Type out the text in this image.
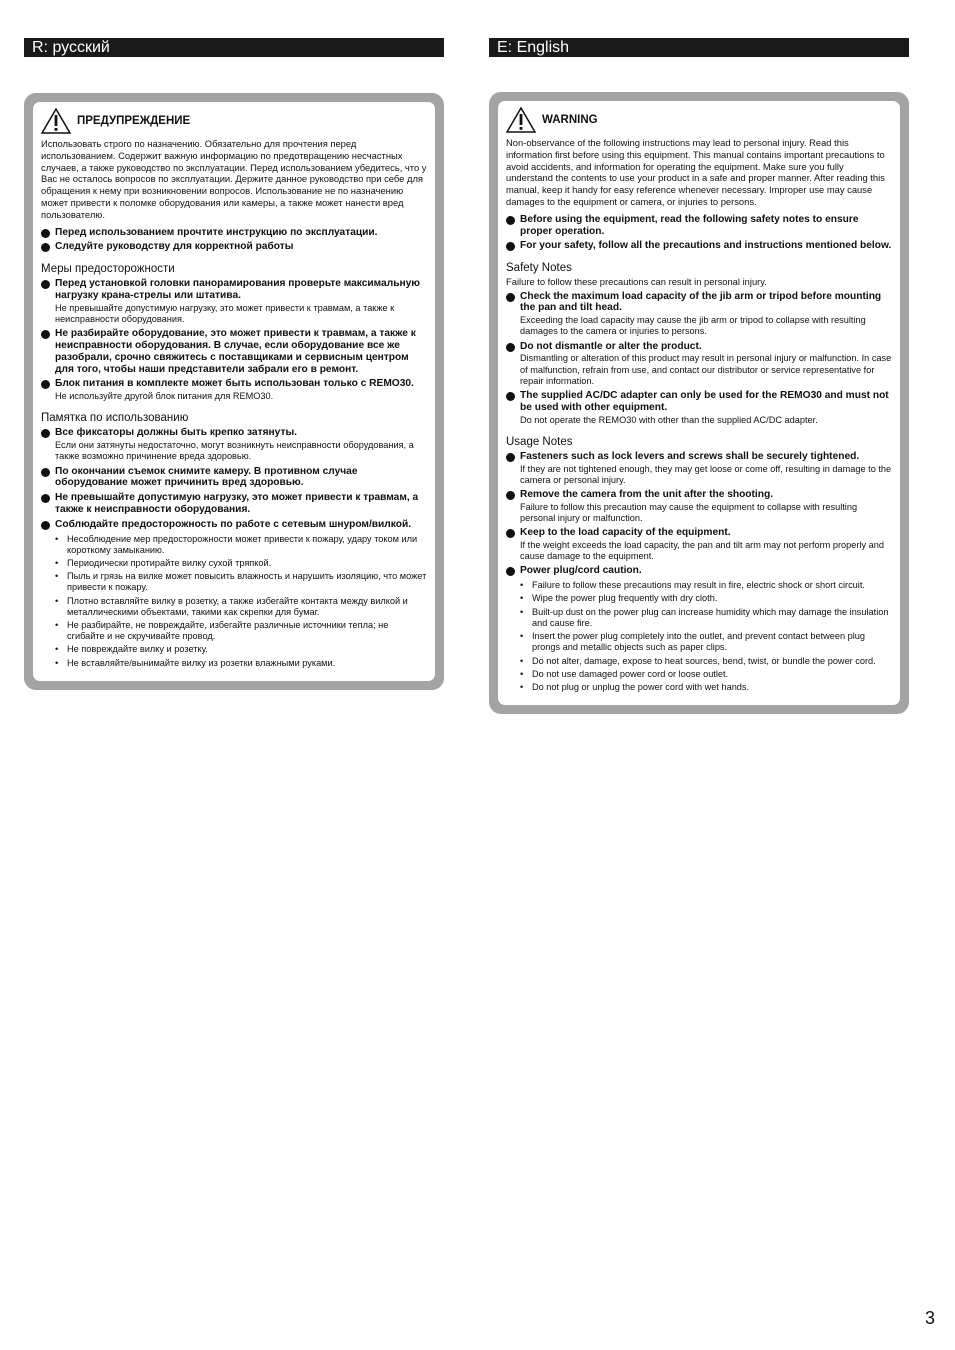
R: русский
ПРЕДУПРЕЖДЕНИЕ
Использовать строго по назначению. Обязательно для прочтения перед использованием. Содержит важную информацию по предотвращению несчастных случаев, а также руководство по эксплуатации. Перед использованием убедитесь, что у Вас не осталось вопросов по эксплуатации. Держите данное руководство при себе для обращения к нему при возникновении вопросов. Использование не по назначению может привести к поломке оборудования или камеры, а также может нанести вред пользователю.
Перед использованием прочтите инструкцию по эксплуатации.
Следуйте руководству для корректной работы
Меры предосторожности
Перед установкой головки панорамирования проверьте максимальную нагрузку крана-стрелы или штатива.
Не превышайте допустимую нагрузку, это может привести к травмам, а также к неисправности оборудования.
Не разбирайте оборудование, это может привести к травмам, а также к неисправности оборудования. В случае, если оборудование все же разобрали, срочно свяжитесь с поставщиками и сервисным центром для того, чтобы наши представители забрали его в ремонт.
Блок питания в комплекте может быть использован только с REMO30.
Не используйте другой блок питания для REMO30.
Памятка по использованию
Все фиксаторы должны быть крепко затянуты.
Если они затянуты недостаточно, могут возникнуть неисправности оборудования, а также возможно причинение вреда здоровью.
По окончании съемок снимите камеру. В противном случае оборудование может причинить вред здоровью.
Не превышайте допустимую нагрузку, это может привести к травмам, а также к неисправности оборудования.
Соблюдайте предосторожность по работе с сетевым шнуром/вилкой.
• Несоблюдение мер предосторожности может привести к пожару, удару током или короткому замыканию.
• Периодически протирайте вилку сухой тряпкой.
• Пыль и грязь на вилке может повысить влажность и нарушить изоляцию, что может привести к пожару.
• Плотно вставляйте вилку в розетку, а также избегайте контакта между вилкой и металлическими объектами, такими как скрепки для бумаг.
• Не разбирайте, не повреждайте, избегайте различные источники тепла; не сгибайте и не скручивайте провод.
• Не повреждайте вилку и розетку.
• Не вставляйте/вынимайте вилку из розетки влажными руками.
E: English
WARNING
Non-observance of the following instructions may lead to personal injury. Read this information first before using this equipment. This manual contains important precautions to avoid accidents, and information for operating the equipment. Make sure you fully understand the contents to use your product in a safe and proper manner. After reading this manual, keep it handy for easy reference whenever necessary. Improper use may cause damages to the equipment or camera, or injuries to persons.
Before using the equipment, read the following safety notes to ensure proper operation.
For your safety, follow all the precautions and instructions mentioned below.
Safety Notes
Failure to follow these precautions can result in personal injury.
Check the maximum load capacity of the jib arm or tripod before mounting the pan and tilt head.
Exceeding the load capacity may cause the jib arm or tripod to collapse with resulting damages to the camera or injuries to persons.
Do not dismantle or alter the product.
Dismantling or alteration of this product may result in personal injury or malfunction. In case of malfunction, refrain from use, and contact our distributor or service representative for repair information.
The supplied AC/DC adapter can only be used for the REMO30 and must not be used with other equipment.
Do not operate the REMO30 with other than the supplied AC/DC adapter.
Usage Notes
Fasteners such as lock levers and screws shall be securely tightened.
If they are not tightened enough, they may get loose or come off, resulting in damage to the camera or personal injury.
Remove the camera from the unit after the shooting.
Failure to follow this precaution may cause the equipment to collapse with resulting personal injury or malfunction.
Keep to the load capacity of the equipment.
If the weight exceeds the load capacity, the pan and tilt arm may not perform properly and cause damage to the equipment.
Power plug/cord caution.
• Failure to follow these precautions may result in fire, electric shock or short circuit.
• Wipe the power plug frequently with dry cloth.
• Built-up dust on the power plug can increase humidity which may damage the insulation and cause fire.
• Insert the power plug completely into the outlet, and prevent contact between plug prongs and metallic objects such as paper clips.
• Do not alter, damage, expose to heat sources, bend, twist, or bundle the power cord.
• Do not use damaged power cord or loose outlet.
• Do not plug or unplug the power cord with wet hands.
3
